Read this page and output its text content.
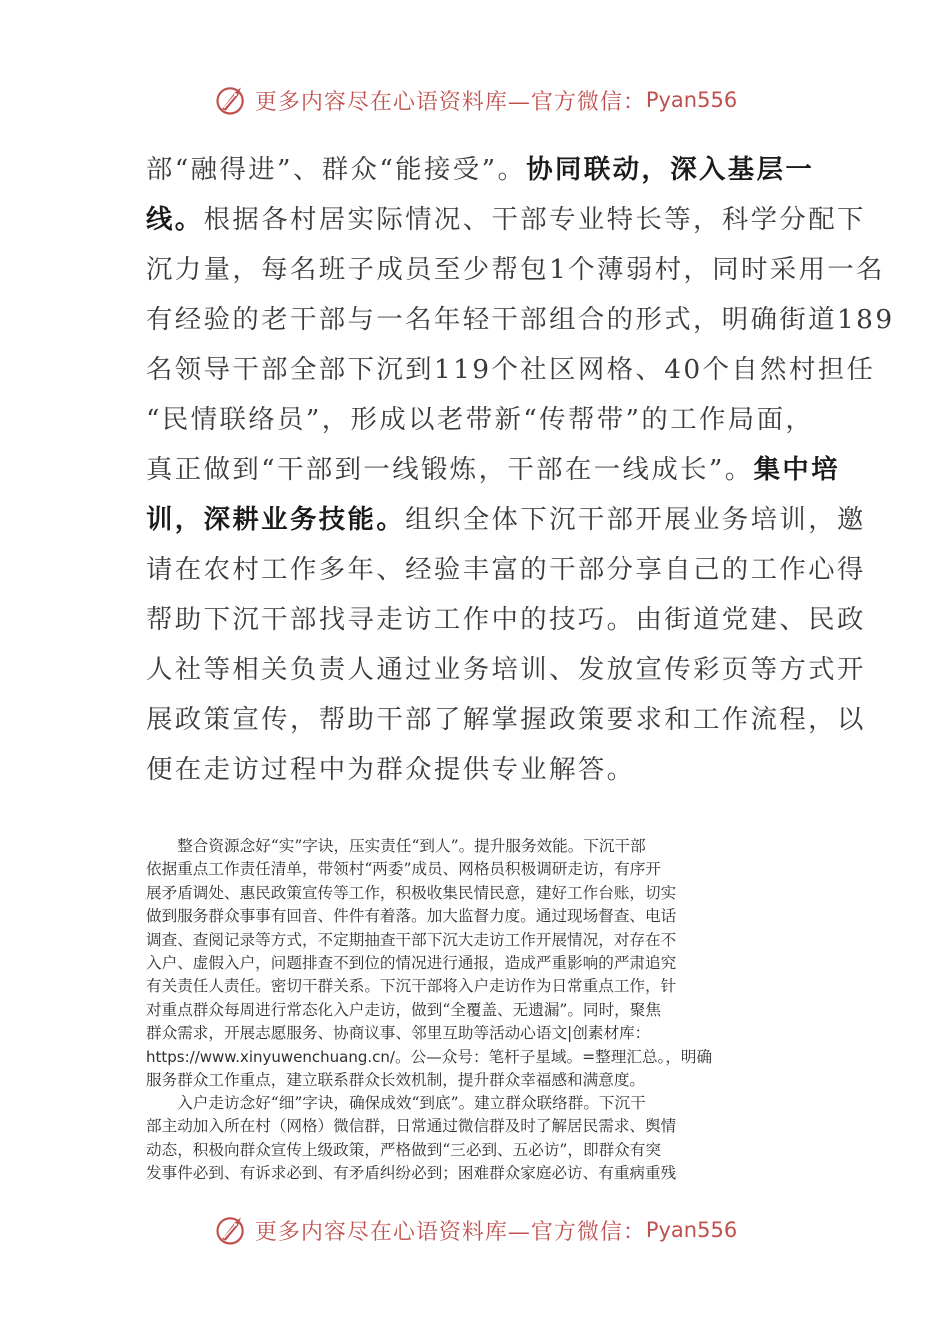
更多内容尽在心语资料库—官方微信： Pyan556
部“融得进”、群众“能接受”。协同联动，深入基层一
线。根据各村居实际情况、干部专业特长等，科学分配下
沉力量，每名班子成员至少帮包1个薄弱村，同时采用一名
有经验的老干部与一名年轻干部组合的形式，明确街道189
名领导干部全部下沉到119个社区网格、40个自然村担任
“民情联络员”，形成以老带新“传帮带”的工作局面，
真正做到“干部到一线锻炼，干部在一线成长”。集中培
训，深耕业务技能。组织全体下沉干部开展业务培训，邀
请在农村工作多年、经验丰富的干部分享自己的工作心得
帮助下沉干部找寻走访工作中的技巧。由街道党建、民政
人社等相关负责人通过业务培训、发放宣传彩页等方式开
展政策宣传，帮助干部了解掌握政策要求和工作流程，以
便在走访过程中为群众提供专业解答。
　　整合资源念好“实”字诀，压实责任“到人”。提升服务效能。下沉干部
依据重点工作责任清单，带领村“两委”成员、网格员积极调研走访，有序开
展矛盾调处、惠民政策宣传等工作，积极收集民情民意，建好工作台账，切实
做到服务群众事事有回音、件件有着落。加大监督力度。通过现场督查、电话
调查、查阅记录等方式，不定期抽查干部下沉大走访工作开展情况，对存在不
入户、虚假入户，问题排查不到位的情况进行通报，造成严重影响的严肃追究
有关责任人责任。密切干群关系。下沉干部将入户走访作为日常重点工作，针
对重点群众每周进行常态化入户走访，做到“全覆盖、无遗漏”。同时，聚焦
群众需求，开展志愿服务、协商议事、邻里互助等活动心语文|创素材库：
https://www.xinyuwenchuang.cn/。公—众号：笔杆子星域。=整理汇总。，明确
服务群众工作重点，建立联系群众长效机制，提升群众幸福感和满意度。
　　入户走访念好“细”字诀，确保成效“到底”。建立群众联络群。下沉干
部主动加入所在村（网格）微信群，日常通过微信群及时了解居民需求、舆情
动态，积极向群众宣传上级政策，严格做到“三必到、五必访”，即群众有突
发事件必到、有诉求必到、有矛盾纠纷必到；困难群众家庭必访、有重病重残
更多内容尽在心语资料库—官方微信： Pyan556
